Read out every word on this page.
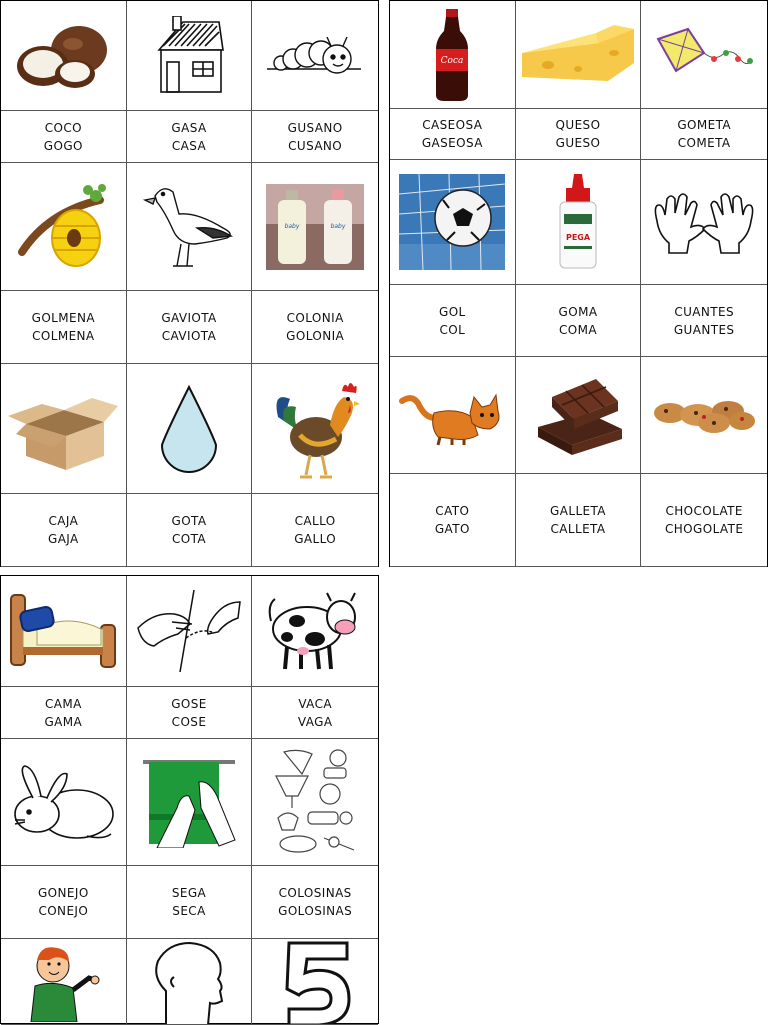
COCO
GOGO
GASA
CASA
GUSANO
CUSANO
baby	baby
GOLMENA
COLMENA
GAVIOTA
CAVIOTA
COLONIA
GOLONIA
CAJA
GAJA
GOTA
COTA
CALLO
GALLO
Coca
CASEOSA
GASEOSA
QUESO
GUESO
GOMETA
COMETA
PEGA
GOL
COL
GOMA
COMA
CUANTES
GUANTES
CATO
GATO
GALLETA
CALLETA
CHOCOLATE
CHOGOLATE
CAMA
GAMA
GOSE
COSE
VACA
VAGA
GONEJO
CONEJO
SEGA
SECA
COLOSINAS
GOLOSINAS
